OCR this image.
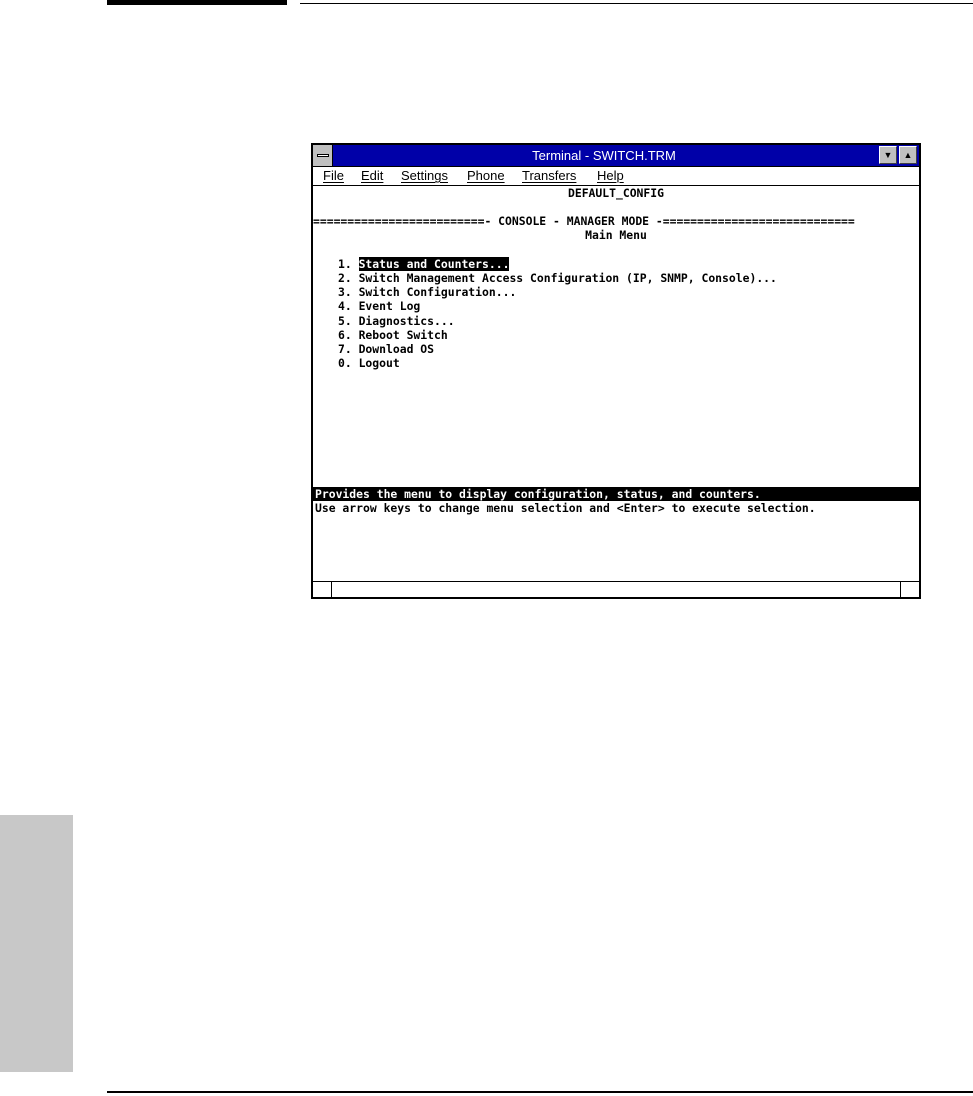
Terminal - SWITCH.TRM	▼	▲
File Edit Settings Phone Transfers Help
DEFAULT_CONFIG
=========================- CONSOLE - MANAGER MODE -============================
Main Menu
1. Status and Counters...
2. Switch Management Access Configuration (IP, SNMP, Console)...
3. Switch Configuration...
4. Event Log
5. Diagnostics...
6. Reboot Switch
7. Download OS
0. Logout
Provides the menu to display configuration, status, and counters.
Use arrow keys to change menu selection and <Enter> to execute selection.
